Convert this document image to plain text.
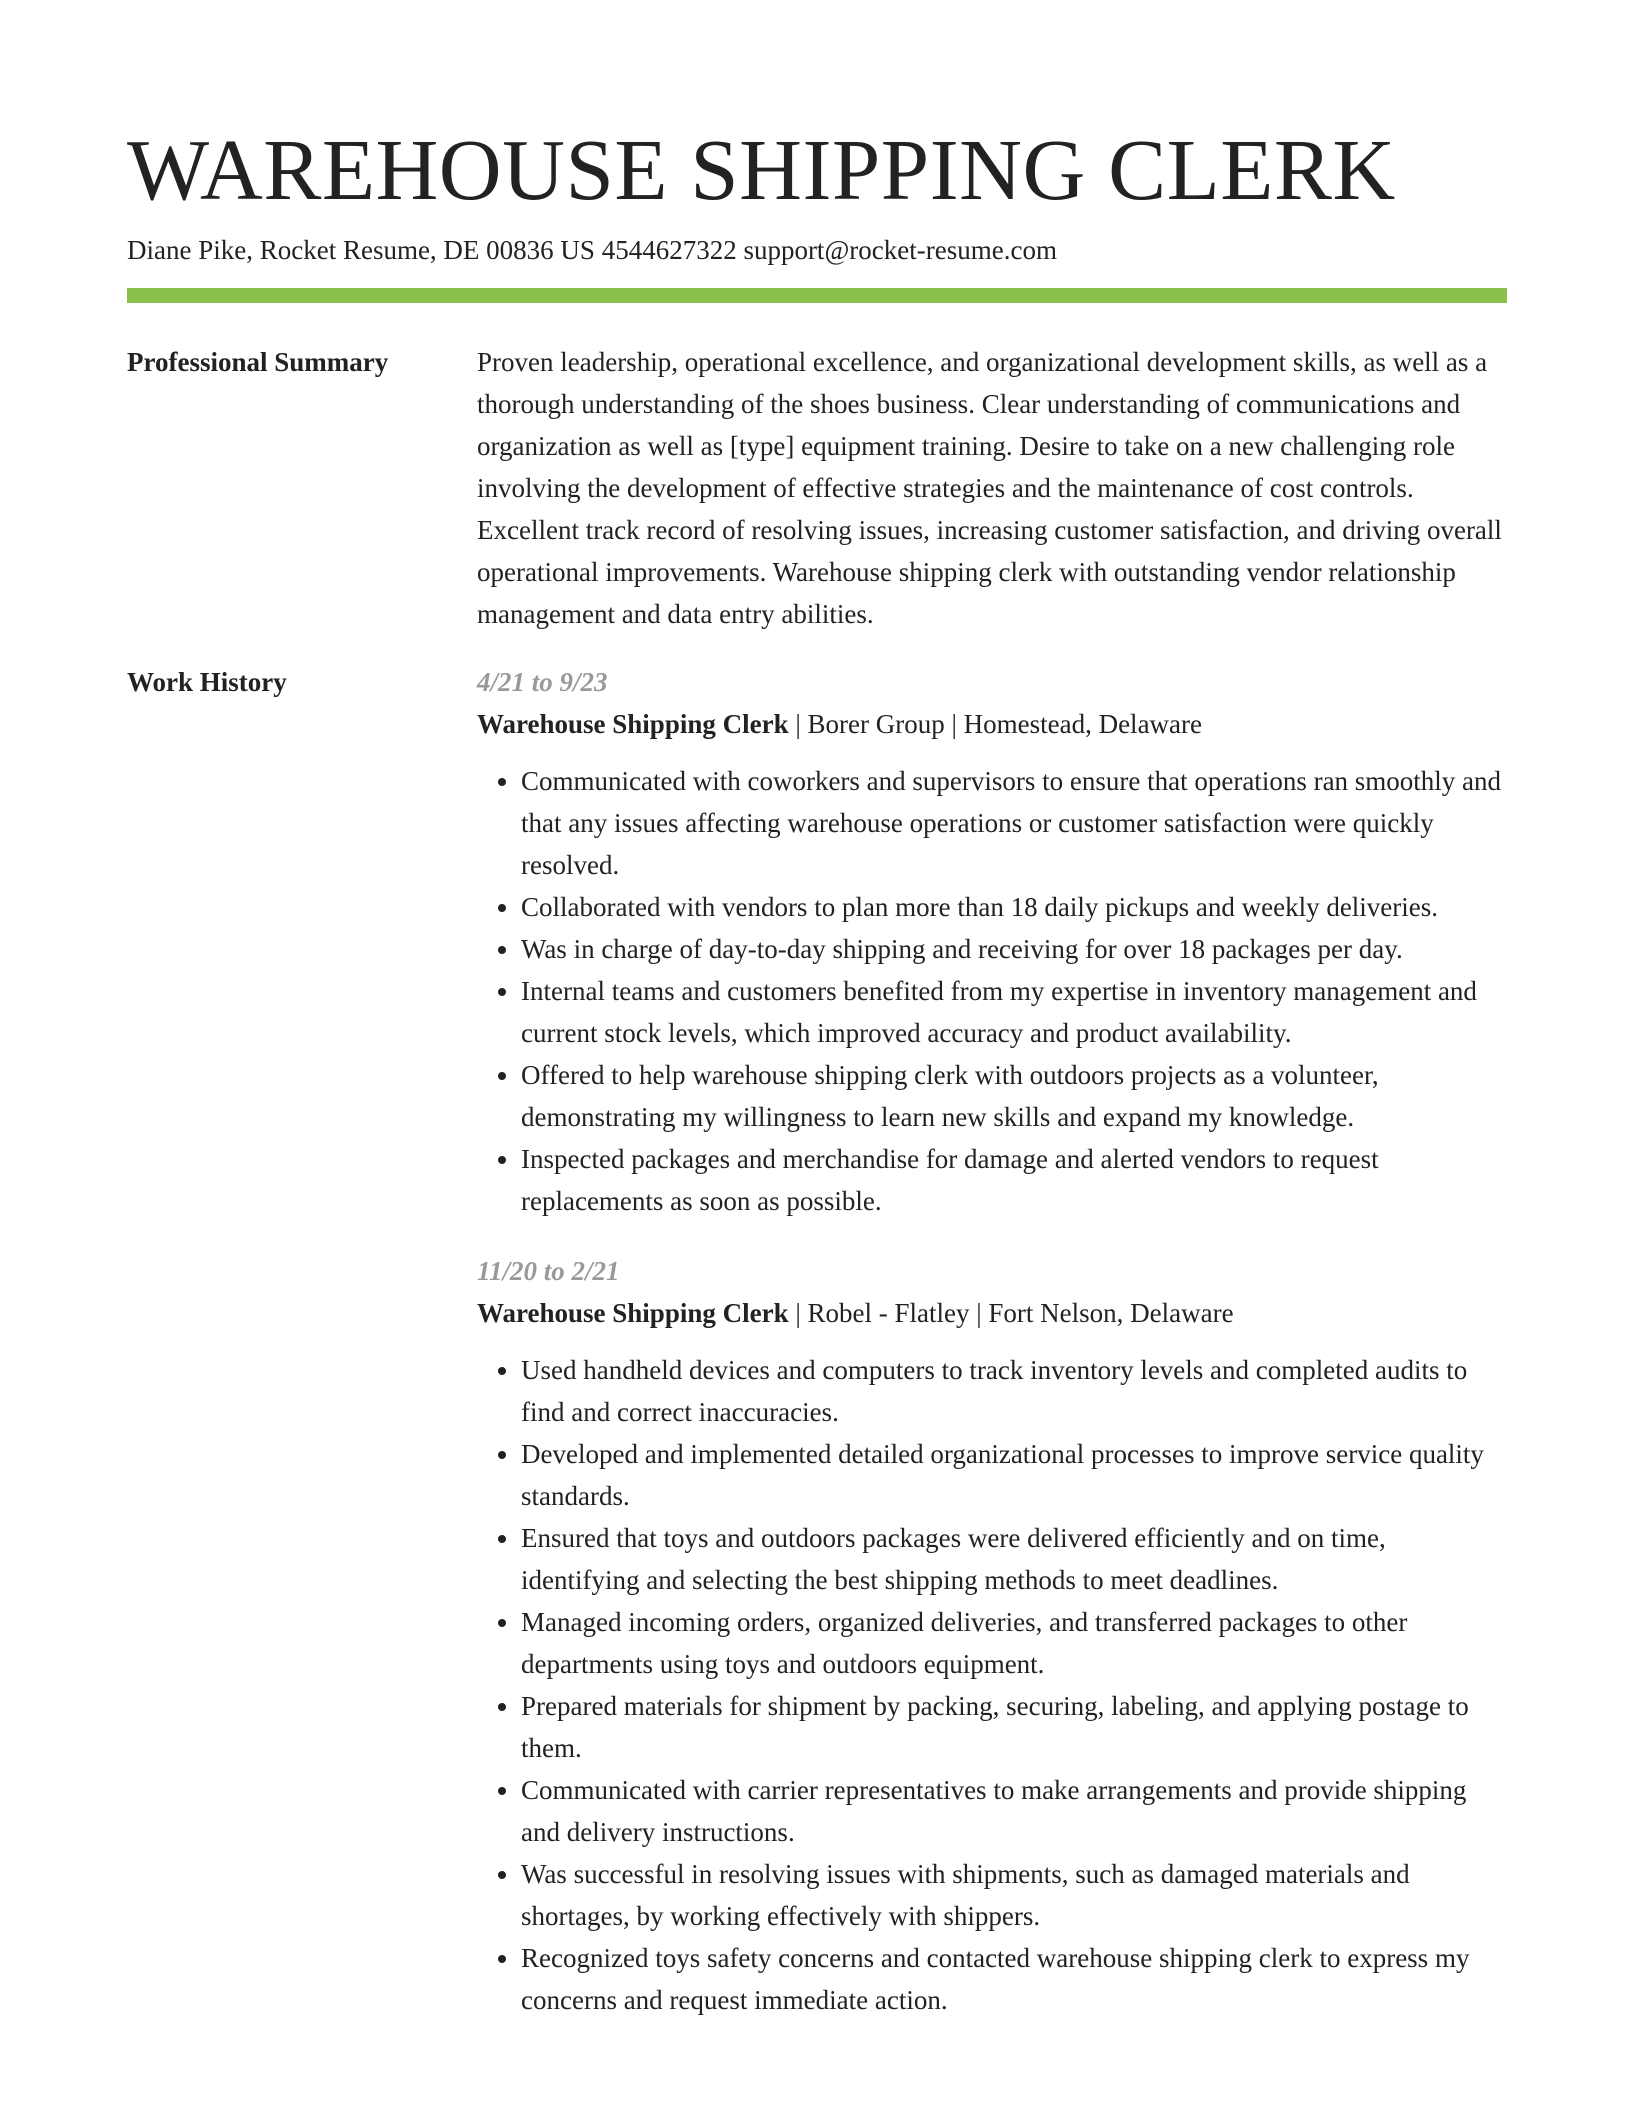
WAREHOUSE SHIPPING CLERK
Diane Pike, Rocket Resume, DE 00836 US 4544627322 support@rocket-resume.com
Professional Summary	Proven leadership, operational excellence, and organizational development skills, as well as a thorough understanding of the shoes business. Clear understanding of communications and organization as well as [type] equipment training. Desire to take on a new challenging role involving the development of effective strategies and the maintenance of cost controls. Excellent track record of resolving issues, increasing customer satisfaction, and driving overall operational improvements. Warehouse shipping clerk with outstanding vendor relationship management and data entry abilities.

Work History	4/21 to 9/23
Warehouse Shipping Clerk | Borer Group | Homestead, Delaware
• Communicated with coworkers and supervisors to ensure that operations ran smoothly and that any issues affecting warehouse operations or customer satisfaction were quickly resolved.
• Collaborated with vendors to plan more than 18 daily pickups and weekly deliveries.
• Was in charge of day-to-day shipping and receiving for over 18 packages per day.
• Internal teams and customers benefited from my expertise in inventory management and current stock levels, which improved accuracy and product availability.
• Offered to help warehouse shipping clerk with outdoors projects as a volunteer, demonstrating my willingness to learn new skills and expand my knowledge.
• Inspected packages and merchandise for damage and alerted vendors to request replacements as soon as possible.
11/20 to 2/21
Warehouse Shipping Clerk | Robel - Flatley | Fort Nelson, Delaware
• Used handheld devices and computers to track inventory levels and completed audits to find and correct inaccuracies.
• Developed and implemented detailed organizational processes to improve service quality standards.
• Ensured that toys and outdoors packages were delivered efficiently and on time, identifying and selecting the best shipping methods to meet deadlines.
• Managed incoming orders, organized deliveries, and transferred packages to other departments using toys and outdoors equipment.
• Prepared materials for shipment by packing, securing, labeling, and applying postage to them.
• Communicated with carrier representatives to make arrangements and provide shipping and delivery instructions.
• Was successful in resolving issues with shipments, such as damaged materials and shortages, by working effectively with shippers.
• Recognized toys safety concerns and contacted warehouse shipping clerk to express my concerns and request immediate action.
